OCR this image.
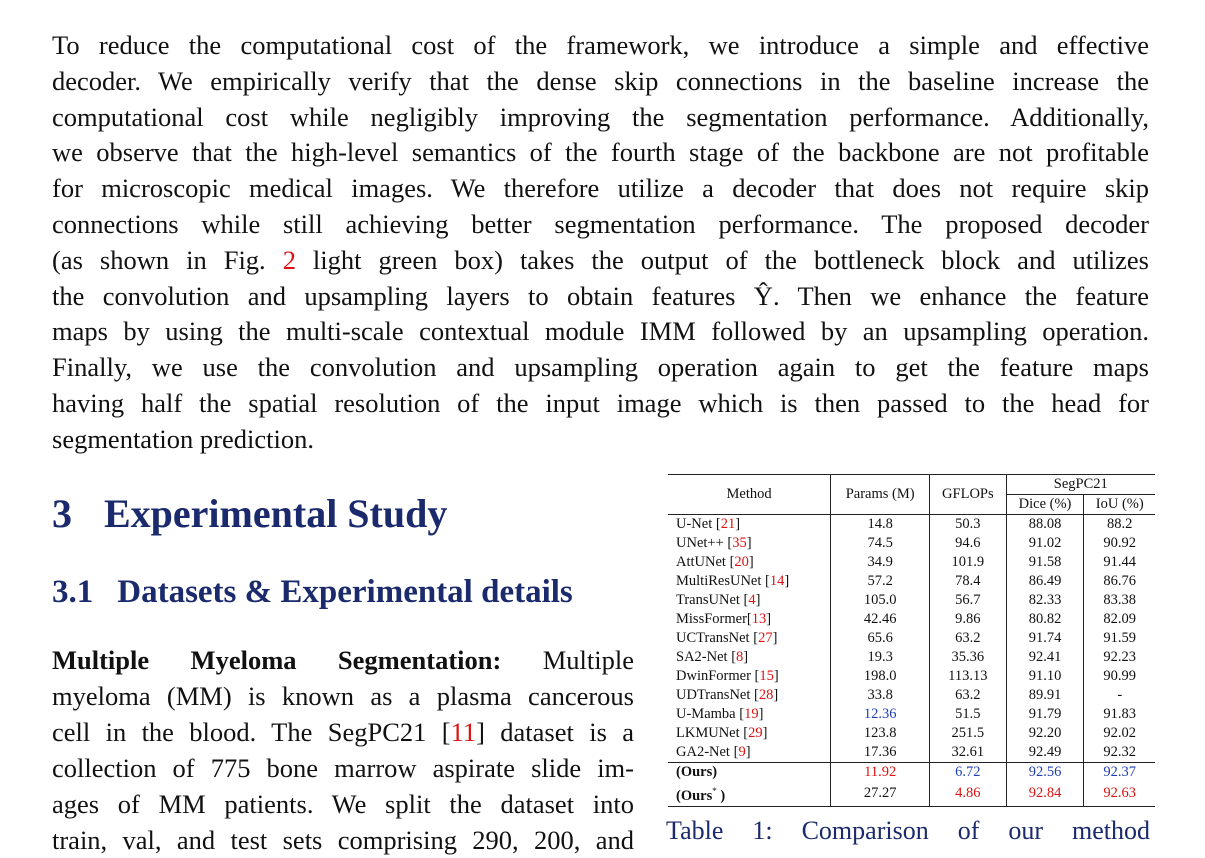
To reduce the computational cost of the framework, we introduce a simple and effective
decoder. We empirically verify that the dense skip connections in the baseline increase the
computational cost while negligibly improving the segmentation performance. Additionally,
we observe that the high-level semantics of the fourth stage of the backbone are not profitable
for microscopic medical images. We therefore utilize a decoder that does not require skip
connections while still achieving better segmentation performance. The proposed decoder
(as shown in Fig. 2 light green box) takes the output of the bottleneck block and utilizes
the convolution and upsampling layers to obtain features Ŷ. Then we enhance the feature
maps by using the multi-scale contextual module IMM followed by an upsampling operation.
Finally, we use the convolution and upsampling operation again to get the feature maps
having half the spatial resolution of the input image which is then passed to the head for
segmentation prediction.
3 Experimental Study
3.1 Datasets & Experimental details
Multiple Myeloma Segmentation: Multiple
myeloma (MM) is known as a plasma cancerous
cell in the blood. The SegPC21 [11] dataset is a
collection of 775 bone marrow aspirate slide im-
ages of MM patients. We split the dataset into
train, val, and test sets comprising 290, 200, and
Method	Params (M)	GFLOPs	SegPC21	
			Dice (%)	IoU (%)
U-Net [21]	14.8	50.3	88.08	88.2
UNet++ [35]	74.5	94.6	91.02	90.92
AttUNet [20]	34.9	101.9	91.58	91.44
MultiResUNet [14]	57.2	78.4	86.49	86.76
TransUNet [4]	105.0	56.7	82.33	83.38
MissFormer[13]	42.46	9.86	80.82	82.09
UCTransNet [27]	65.6	63.2	91.74	91.59
SA2-Net [8]	19.3	35.36	92.41	92.23
DwinFormer [15]	198.0	113.13	91.10	90.99
UDTransNet [28]	33.8	63.2	89.91	-
U-Mamba [19]	12.36	51.5	91.79	91.83
LKMUNet [29]	123.8	251.5	92.20	92.02
GA2-Net [9]	17.36	32.61	92.49	92.32
(Ours)	11.92	6.72	92.56	92.37
(Ours* )	27.27	4.86	92.84	92.63
Table 1: Comparison of our method
